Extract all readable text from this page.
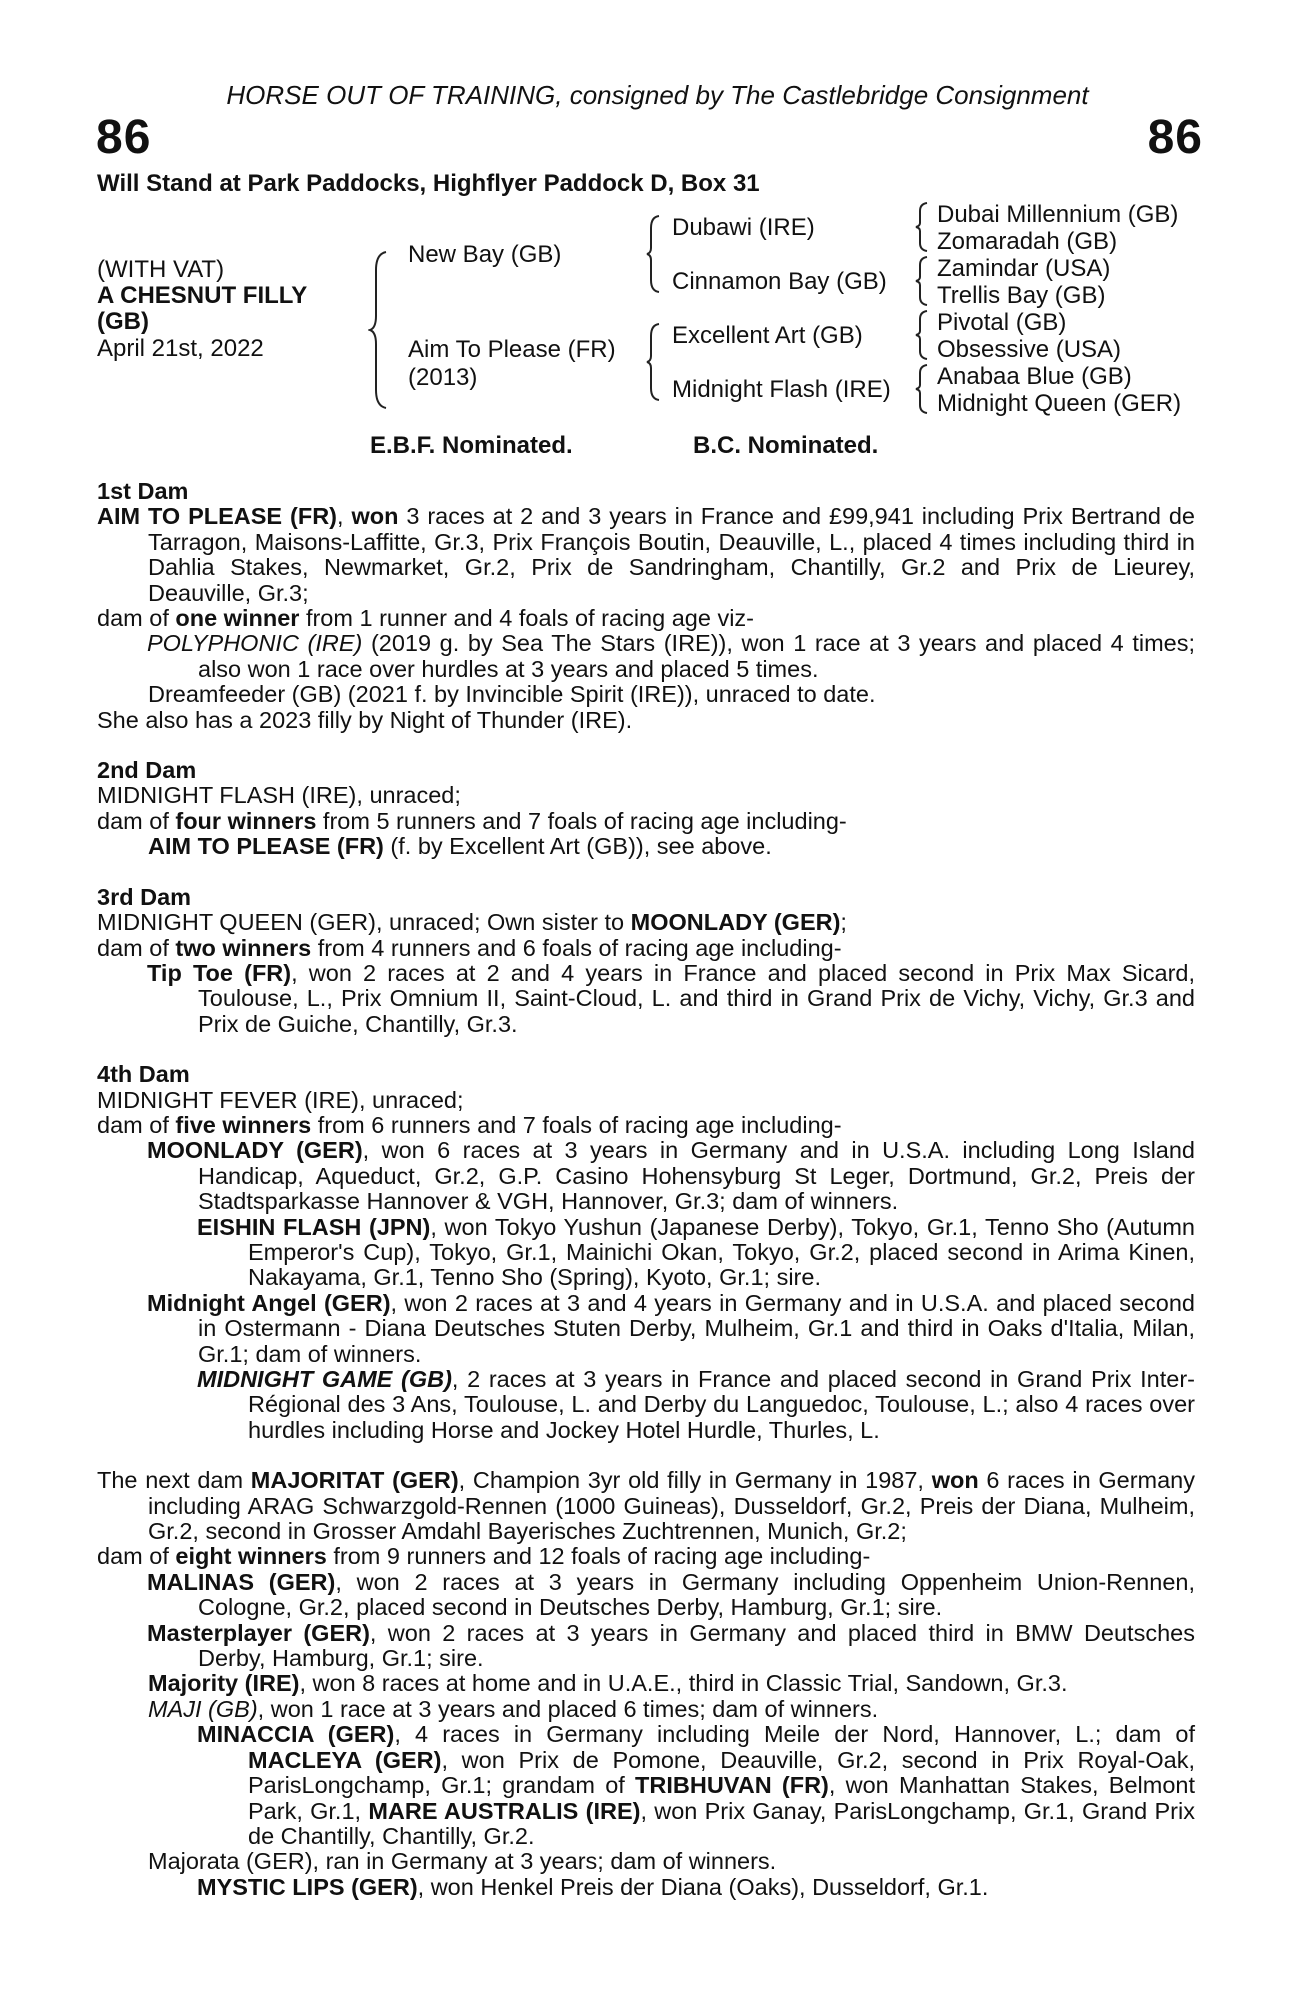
HORSE OUT OF TRAINING, consigned by The Castlebridge Consignment
86	86
Will Stand at Park Paddocks, Highflyer Paddock D, Box 31
(WITH VAT)
A CHESNUT FILLY
(GB)
April 21st, 2022
New Bay (GB)
Aim To Please (FR)
(2013)
Dubawi (IRE)
Cinnamon Bay (GB)
Excellent Art (GB)
Midnight Flash (IRE)
Dubai Millennium (GB)
Zomaradah (GB)
Zamindar (USA)
Trellis Bay (GB)
Pivotal (GB)
Obsessive (USA)
Anabaa Blue (GB)
Midnight Queen (GER)
E.B.F. Nominated.	B.C. Nominated.

1st Dam

AIM TO PLEASE (FR), won 3 races at 2 and 3 years in France and £99,941 including Prix Bertrand de Tarragon, Maisons-Laffitte, Gr.3, Prix François Boutin, Deauville, L., placed 4 times including third in Dahlia Stakes, Newmarket, Gr.2, Prix de Sandringham, Chantilly, Gr.2 and Prix de Lieurey, Deauville, Gr.3;

dam of one winner from 1 runner and 4 foals of racing age viz-

POLYPHONIC (IRE) (2019 g. by Sea The Stars (IRE)), won 1 race at 3 years and placed 4 times; also won 1 race over hurdles at 3 years and placed 5 times.

Dreamfeeder (GB) (2021 f. by Invincible Spirit (IRE)), unraced to date.

She also has a 2023 filly by Night of Thunder (IRE).

2nd Dam

MIDNIGHT FLASH (IRE), unraced;

dam of four winners from 5 runners and 7 foals of racing age including-

AIM TO PLEASE (FR) (f. by Excellent Art (GB)), see above.

3rd Dam

MIDNIGHT QUEEN (GER), unraced; Own sister to MOONLADY (GER);

dam of two winners from 4 runners and 6 foals of racing age including-

Tip Toe (FR), won 2 races at 2 and 4 years in France and placed second in Prix Max Sicard, Toulouse, L., Prix Omnium II, Saint-Cloud, L. and third in Grand Prix de Vichy, Vichy, Gr.3 and Prix de Guiche, Chantilly, Gr.3.

4th Dam

MIDNIGHT FEVER (IRE), unraced;

dam of five winners from 6 runners and 7 foals of racing age including-

MOONLADY (GER), won 6 races at 3 years in Germany and in U.S.A. including Long Island Handicap, Aqueduct, Gr.2, G.P. Casino Hohensyburg St Leger, Dortmund, Gr.2, Preis der Stadtsparkasse Hannover & VGH, Hannover, Gr.3; dam of winners.

EISHIN FLASH (JPN), won Tokyo Yushun (Japanese Derby), Tokyo, Gr.1, Tenno Sho (Autumn Emperor's Cup), Tokyo, Gr.1, Mainichi Okan, Tokyo, Gr.2, placed second in Arima Kinen, Nakayama, Gr.1, Tenno Sho (Spring), Kyoto, Gr.1; sire.

Midnight Angel (GER), won 2 races at 3 and 4 years in Germany and in U.S.A. and placed second in Ostermann - Diana Deutsches Stuten Derby, Mulheim, Gr.1 and third in Oaks d'Italia, Milan, Gr.1; dam of winners.

MIDNIGHT GAME (GB), 2 races at 3 years in France and placed second in Grand Prix Inter-Régional des 3 Ans, Toulouse, L. and Derby du Languedoc, Toulouse, L.; also 4 races over hurdles including Horse and Jockey Hotel Hurdle, Thurles, L.

The next dam MAJORITAT (GER), Champion 3yr old filly in Germany in 1987, won 6 races in Germany including ARAG Schwarzgold-Rennen (1000 Guineas), Dusseldorf, Gr.2, Preis der Diana, Mulheim, Gr.2, second in Grosser Amdahl Bayerisches Zuchtrennen, Munich, Gr.2;

dam of eight winners from 9 runners and 12 foals of racing age including-

MALINAS (GER), won 2 races at 3 years in Germany including Oppenheim Union-Rennen, Cologne, Gr.2, placed second in Deutsches Derby, Hamburg, Gr.1; sire.

Masterplayer (GER), won 2 races at 3 years in Germany and placed third in BMW Deutsches Derby, Hamburg, Gr.1; sire.

Majority (IRE), won 8 races at home and in U.A.E., third in Classic Trial, Sandown, Gr.3.

MAJI (GB), won 1 race at 3 years and placed 6 times; dam of winners.

MINACCIA (GER), 4 races in Germany including Meile der Nord, Hannover, L.; dam of MACLEYA (GER), won Prix de Pomone, Deauville, Gr.2, second in Prix Royal-Oak, ParisLongchamp, Gr.1; grandam of TRIBHUVAN (FR), won Manhattan Stakes, Belmont Park, Gr.1, MARE AUSTRALIS (IRE), won Prix Ganay, ParisLongchamp, Gr.1, Grand Prix de Chantilly, Chantilly, Gr.2.

Majorata (GER), ran in Germany at 3 years; dam of winners.

MYSTIC LIPS (GER), won Henkel Preis der Diana (Oaks), Dusseldorf, Gr.1.
